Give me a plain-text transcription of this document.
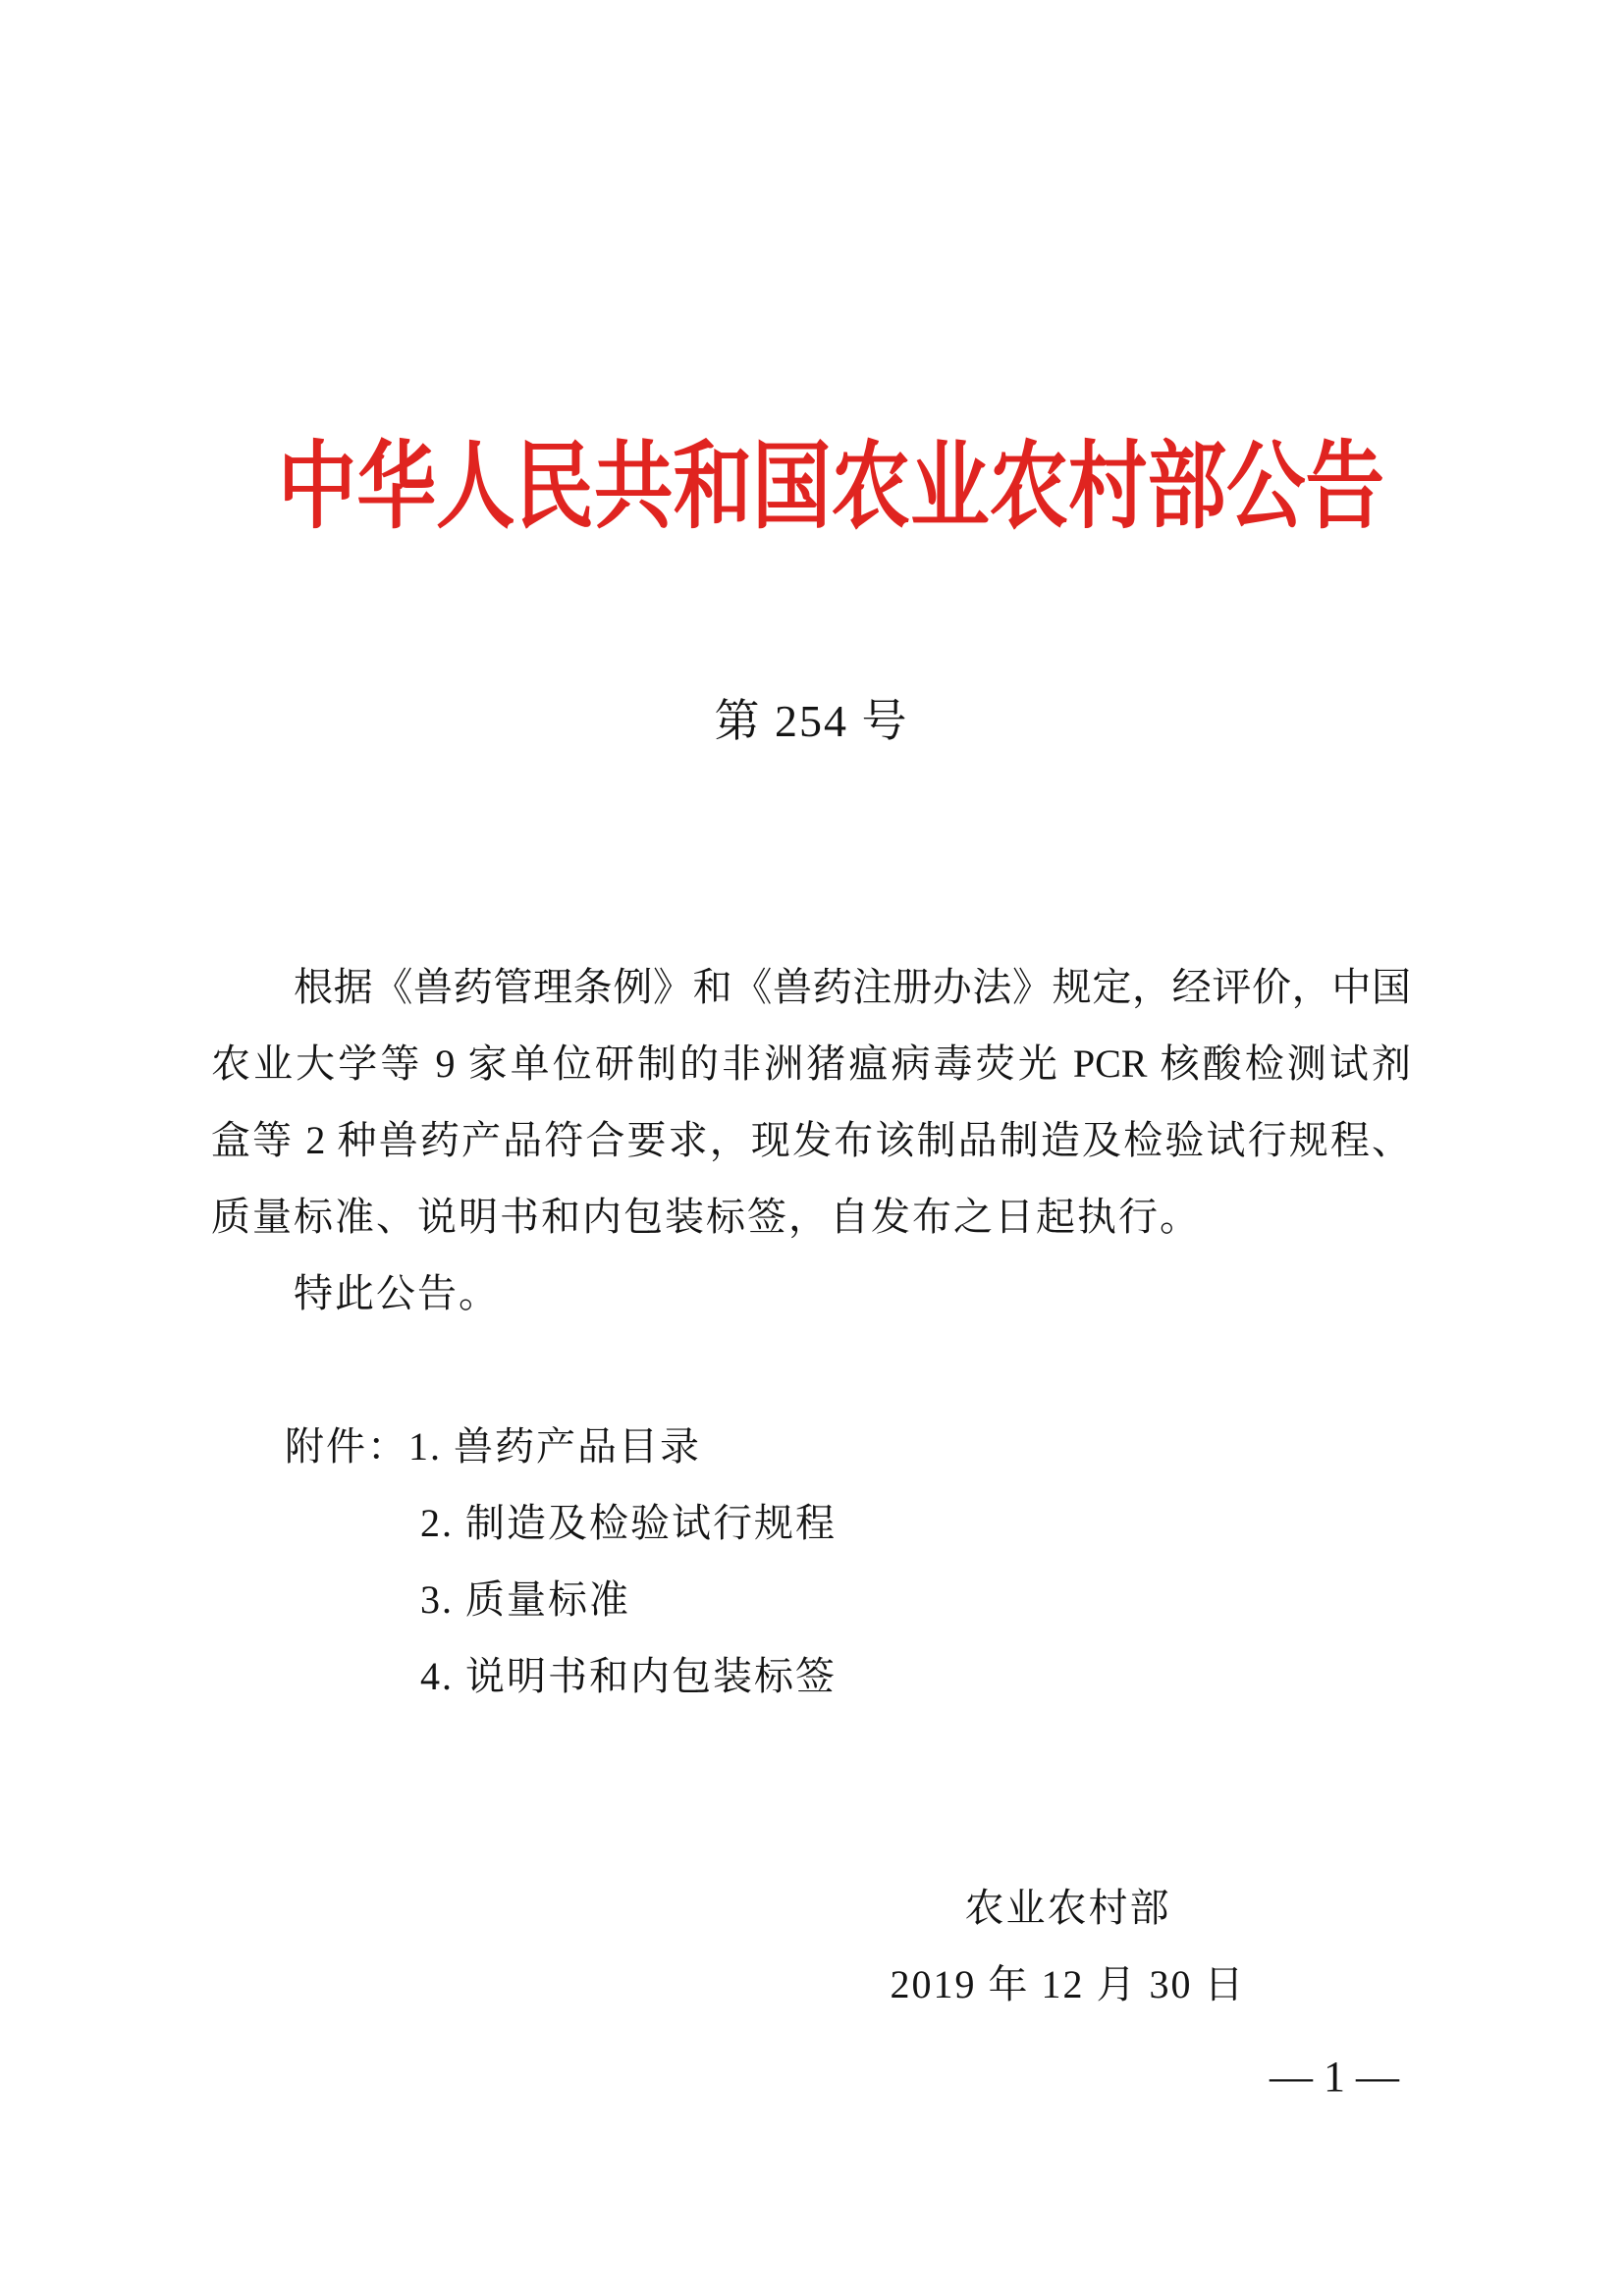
中华人民共和国农业农村部公告
第 254 号
根据《兽药管理条例》和《兽药注册办法》规定，经评价，中国
农业大学等 9 家单位研制的非洲猪瘟病毒荧光 PCR 核酸检测试剂
盒等 2 种兽药产品符合要求，现发布该制品制造及检验试行规程、
质量标准、说明书和内包装标签，自发布之日起执行。
特此公告。
附件：1. 兽药产品目录
2. 制造及检验试行规程
3. 质量标准
4. 说明书和内包装标签
农业农村部
2019 年 12 月 30 日
— 1 —
